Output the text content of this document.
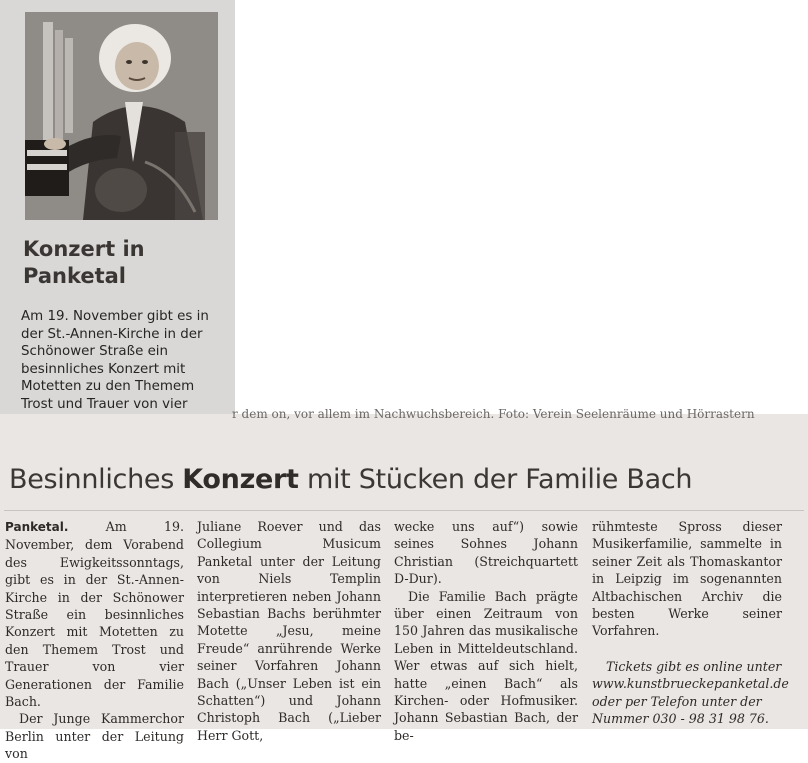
Konzert in Panketal

Am 19. November gibt es in der St.-Annen-Kirche in der Schönower Straße ein besinnliches Konzert mit Motetten zu den Themem Trost und Trauer von vier

r dem on, vor allem im Nachwuchsbereich. Foto: Verein Seelenräume und Hörrastern
Besinnliches Konzert mit Stücken der Familie Bach

Panketal.	Am 19. November, dem Vorabend des Ewigkeitssonntags, gibt es in der St.-Annen-Kirche in der Schönower Straße ein besinnliches Konzert mit Motetten zu den Themem Trost und Trauer von vier Generationen der Familie Bach.

Der Junge Kammerchor Berlin unter der Leitung von

Juliane Roever und das Collegium Musicum Panketal unter der Leitung von Niels Templin interpretieren neben Johann Sebastian Bachs berühmter Motette „Jesu, meine Freude“ anrührende Werke seiner Vorfahren Johann Bach („Unser Leben ist ein Schatten“) und Johann Christoph Bach („Lieber Herr Gott,

wecke uns auf“) sowie seines Sohnes Johann Christian (Streichquartett D-Dur).

Die Familie Bach prägte über einen Zeitraum von 150 Jahren das musikalische Leben in Mitteldeutschland. Wer etwas auf sich hielt, hatte „einen Bach“ als Kirchen- oder Hofmusiker. Johann Sebastian Bach, der be-

rühmteste Spross dieser Musikerfamilie, sammelte in seiner Zeit als Thomaskantor in Leipzig im sogenannten Altbachischen Archiv die besten Werke seiner Vorfahren.

Tickets gibt es online unter www.kunstbrueckepanketal.de oder per Telefon unter der Nummer 030 - 98 31 98 76.
